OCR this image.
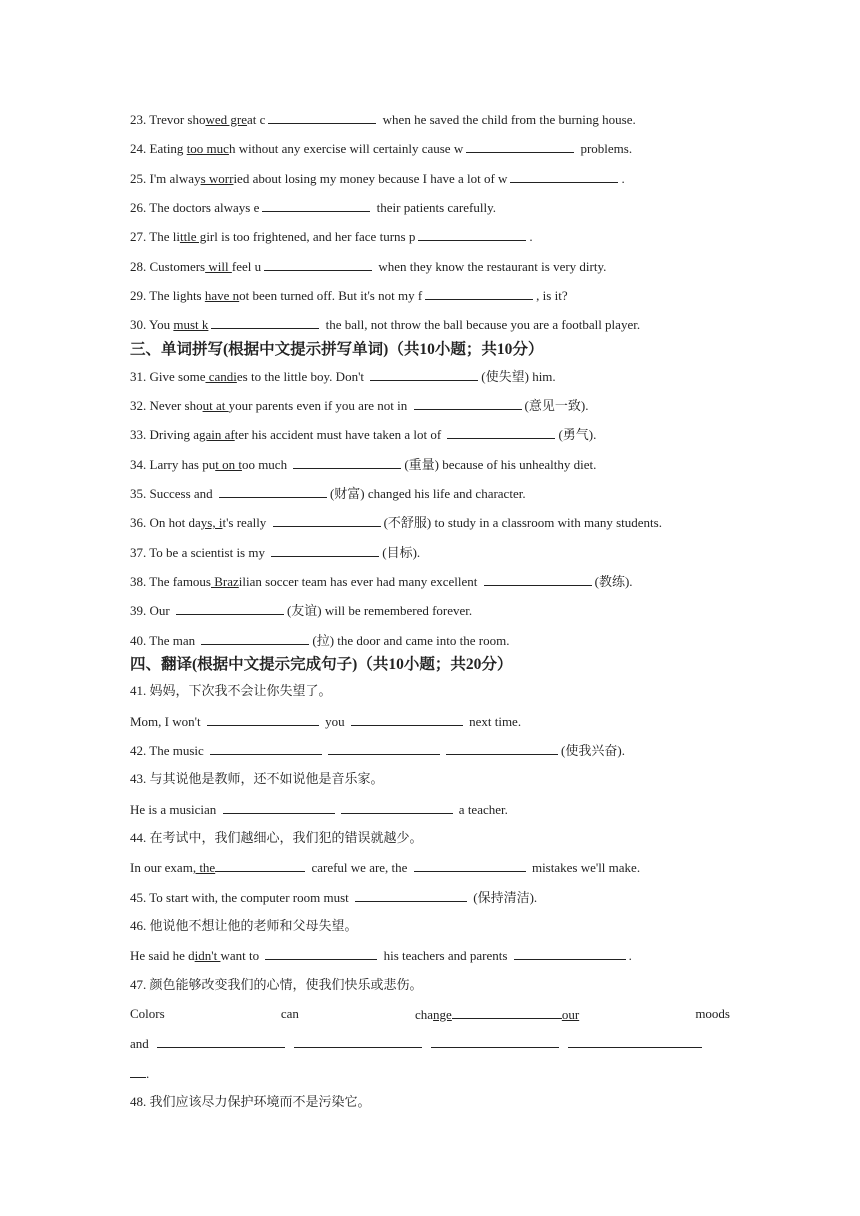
23. Trevor showed great c	when he saved the child from the burning house.
24. Eating too much without any exercise will certainly cause w	problems.
25. I'm always worried about losing my money because I have a lot of w	.
26. The doctors always e	their patients carefully.
27. The little girl is too frightened, and her face turns p	.
28. Customers will feel u	when they know the restaurant is very dirty.
29. The lights have not been turned off. But it's not my f	, is it?
30. You must k	the ball, not throw the ball because you are a football player.
三、单词拼写(根据中文提示拼写单词)（共10小题；共10分）
31. Give some candies to the little boy. Don't	(使失望) him.
32. Never shout at your parents even if you are not in	(意见一致).
33. Driving again after his accident must have taken a lot of	(勇气).
34. Larry has put on too much	(重量) because of his unhealthy diet.
35. Success and	(财富) changed his life and character.
36. On hot days, it's really	(不舒服) to study in a classroom with many students.
37. To be a scientist is my	(目标).
38. The famous Brazilian soccer team has ever had many excellent	(教练).
39. Our	(友谊) will be remembered forever.
40. The man	(拉) the door and came into the room.
四、翻译(根据中文提示完成句子)（共10小题；共20分）
41. 妈妈，下次我不会让你失望了。
Mom, I won't	you	next time.
42. The music	(使我兴奋).
43. 与其说他是教师，还不如说他是音乐家。
He is a musician	a teacher.
44. 在考试中，我们越细心，我们犯的错误就越少。
In our exam, the	careful we are, the	mistakes we'll make.
45. To start with, the computer room must	(保持清洁).
46. 他说他不想让他的老师和父母失望。
He said he didn't want to	his teachers and parents	.
47. 颜色能够改变我们的心情，使我们快乐或悲伤。
Colors	can	change	our	moods
and
.
48. 我们应该尽力保护环境而不是污染它。
